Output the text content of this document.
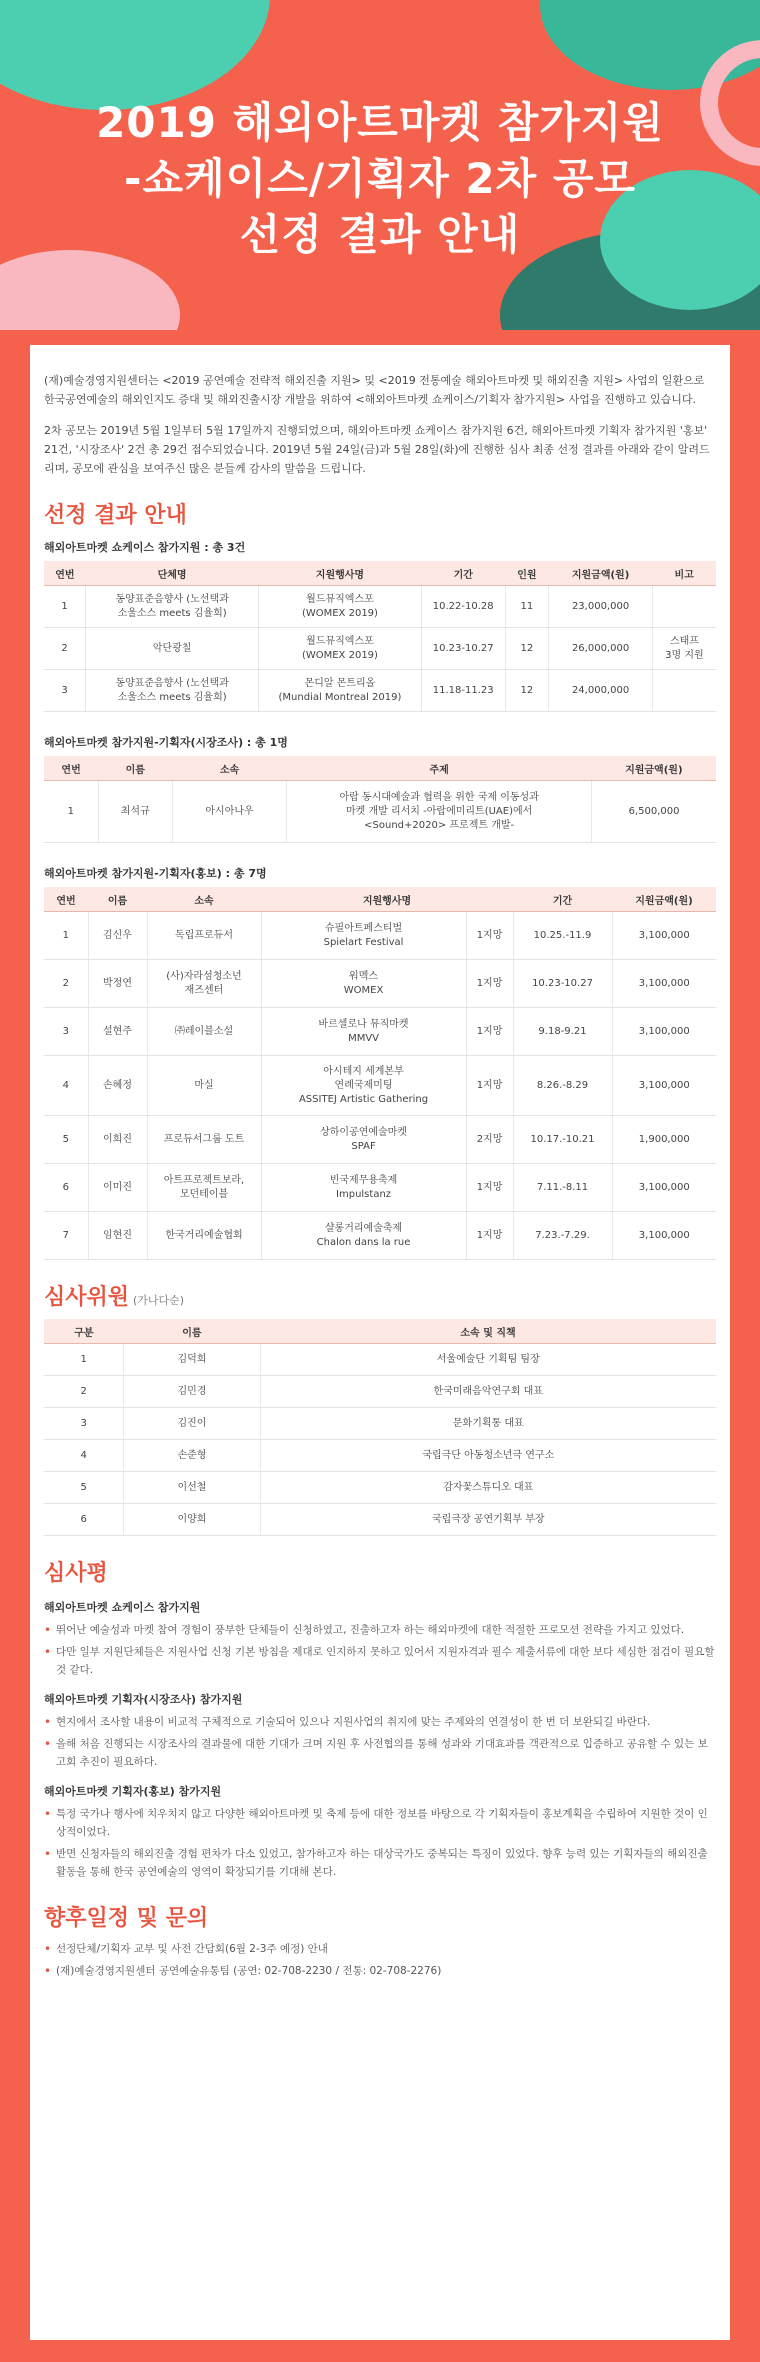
2019 해외아트마켓 참가지원
-쇼케이스/기획자 2차 공모
선정 결과 안내

(재)예술경영지원센터는 <2019 공연예술 전략적 해외진출 지원> 및 <2019 전통예술 해외아트마켓 및 해외진출 지원> 사업의 일환으로 한국공연예술의 해외인지도 증대 및 해외진출시장 개발을 위하여 <해외아트마켓 쇼케이스/기획자 참가지원> 사업을 진행하고 있습니다.

2차 공모는 2019년 5월 1일부터 5월 17일까지 진행되었으며, 해외아트마켓 쇼케이스 참가지원 6건, 해외아트마켓 기획자 참가지원 '홍보' 21건, '시장조사' 2건 총 29건 접수되었습니다. 2019년 5월 24일(금)과 5월 28일(화)에 진행한 심사 최종 선정 결과를 아래와 같이 알려드리며, 공모에 관심을 보여주신 많은 분들께 감사의 말씀을 드립니다.

선정 결과 안내
해외아트마켓 쇼케이스 참가지원 : 총 3건
연번	단체명	지원행사명	기간	인원	지원금액(원)	비고
1	동양표준음향사 (노선택과
소울소스 meets 김율희)	월드뮤직엑스포
(WOMEX 2019)	10.22-10.28	11	23,000,000	
2	악단광칠	월드뮤직엑스포
(WOMEX 2019)	10.23-10.27	12	26,000,000	스태프
3명 지원
3	동양표준음향사 (노선택과
소울소스 meets 김율희)	몬디알 몬트리올
(Mundial Montreal 2019)	11.18-11.23	12	24,000,000	
해외아트마켓 참가지원-기획자(시장조사) : 총 1명
연번	이름	소속	주제	지원금액(원)
1	최석규	아시아나우	아랍 동시대예술과 협력을 위한 국제 이동성과
마켓 개발 리서치 -아랍에미리트(UAE)에서
<Sound+2020> 프로젝트 개발-	6,500,000
해외아트마켓 참가지원-기획자(홍보) : 총 7명
연번	이름	소속	지원행사명		기간	지원금액(원)
1	김신우	독립프로듀서	슈필아트페스티벌
Spielart Festival	1지망	10.25.-11.9	3,100,000
2	박정연	(사)자라섬청소년
재즈센터	워멕스
WOMEX	1지망	10.23-10.27	3,100,000
3	설현주	㈜레이블소설	바르셀로나 뮤직마켓
MMVV	1지망	9.18-9.21	3,100,000
4	손혜정	마실	아시테지 세계본부
연례국제미팅
ASSITEJ Artistic Gathering	1지망	8.26.-8.29	3,100,000
5	이희진	프로듀서그룹 도트	상하이공연예술마켓
SPAF	2지망	10.17.-10.21	1,900,000
6	이미진	아트프로젝트보라,
모던테이블	빈국제무용축제
Impulstanz	1지망	7.11.-8.11	3,100,000
7	임현진	한국거리예술협회	샬롱거리예술축제
Chalon dans la rue	1지망	7.23.-7.29.	3,100,000
심사위원 (가나다순)
구분	이름	소속 및 직책
1	김덕희	서울예술단 기획팀 팀장
2	김민경	한국미래음악연구회 대표
3	김진이	문화기획통 대표
4	손준형	국립극단 아동청소년극 연구소
5	이선철	감자꽃스튜디오 대표
6	이양희	국립극장 공연기획부 부장
심사평
해외아트마켓 쇼케이스 참가지원
• 뛰어난 예술성과 마켓 참여 경험이 풍부한 단체들이 신청하였고, 진출하고자 하는 해외마켓에 대한 적절한 프로모션 전략을 가지고 있었다.
• 다만 일부 지원단체들은 지원사업 신청 기본 방침을 제대로 인지하지 못하고 있어서 지원자격과 필수 제출서류에 대한 보다 세심한 점검이 필요할 것 같다.
해외아트마켓 기획자(시장조사) 참가지원
• 현지에서 조사할 내용이 비교적 구체적으로 기술되어 있으나 지원사업의 취지에 맞는 주제와의 연결성이 한 번 더 보완되길 바란다.
• 올해 처음 진행되는 시장조사의 결과물에 대한 기대가 크며 지원 후 사전협의를 통해 성과와 기대효과를 객관적으로 입증하고 공유할 수 있는 보고회 추진이 필요하다.
해외아트마켓 기획자(홍보) 참가지원
• 특정 국가나 행사에 치우치지 않고 다양한 해외아트마켓 및 축제 등에 대한 정보를 바탕으로 각 기획자들이 홍보계획을 수립하여 지원한 것이 인상적이었다.
• 반면 신청자들의 해외진출 경험 편차가 다소 있었고, 참가하고자 하는 대상국가도 중복되는 특징이 있었다. 향후 능력 있는 기획자들의 해외진출 활동을 통해 한국 공연예술의 영역이 확장되기를 기대해 본다.
향후일정 및 문의
• 선정단체/기획자 교부 및 사전 간담회(6월 2-3주 예정) 안내
• (재)예술경영지원센터 공연예술유통팀 (공연: 02-708-2230 / 전통: 02-708-2276)
